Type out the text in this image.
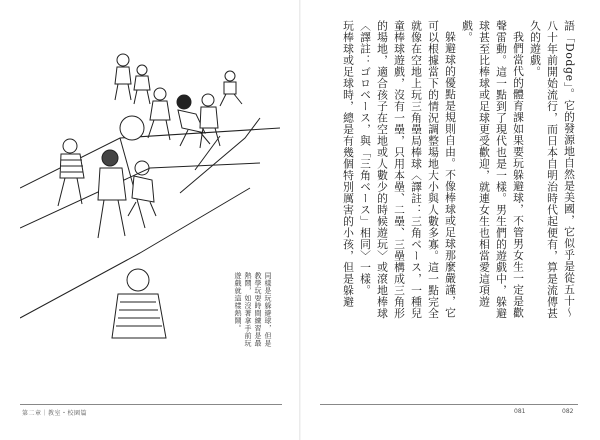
同樣是玩躲避球，但是教學玩耍時間練習是最熱鬧，如沒著拿手前玩遊戲就這樣熱鬧。	語「Dodge」。它的發源地自然是美國，它似乎是從五十～八十年前開始流行，而日本自明治時代起便有，算是流傳甚久的遊戲。

我們當代的體育課如果要玩躲避球，不管男女生一定是歡聲雷動。這一點到了現代也是一樣。男生們的遊戲中，躲避球甚至比棒球或足球更受歡迎，就連女生也相當愛這項遊戲。

躲避球的優點是規則自由。不像棒球或足球那麼嚴謹，它可以根據當下的情況調整場地大小與人數多寡。這一點完全就像在空地上玩三角壘局棒球〈譯註：三角ベース，一種兒童棒球遊戲，沒有一壘，只用本壘、二壘、三壘構成三角形的場地，適合孩子在空地或人數少的時候遊玩〉或滾地棒球〈譯註：ゴロベース，與「三角ベース」相同〉一樣。

玩棒球或足球時，總是有幾個特別厲害的小孩，但是躲避

第二章｜教室・校園篇	081	082
